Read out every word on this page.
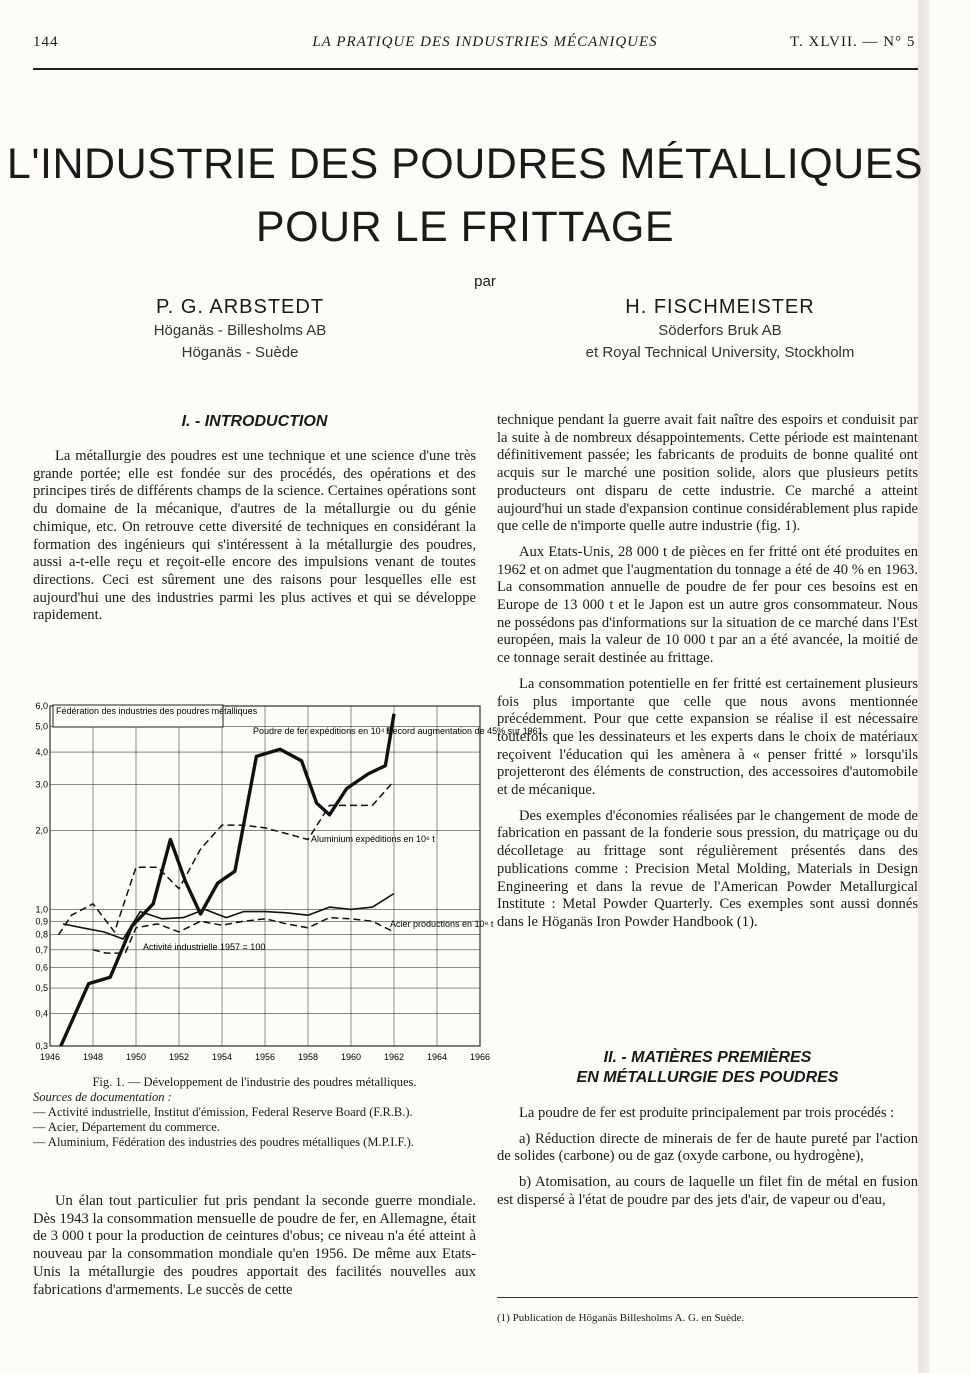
144	LA PRATIQUE DES INDUSTRIES MÉCANIQUES	T. XLVII. — N° 5
L'INDUSTRIE DES POUDRES MÉTALLIQUES
POUR LE FRITTAGE
par
P. G. ARBSTEDT
Höganäs - Billesholms AB
Höganäs - Suède
H. FISCHMEISTER
Söderfors Bruk AB
et Royal Technical University, Stockholm
I. - INTRODUCTION

La métallurgie des poudres est une technique et une science d'une très grande portée; elle est fondée sur des procédés, des opérations et des principes tirés de différents champs de la science. Certaines opérations sont du domaine de la mécanique, d'autres de la métallurgie ou du génie chimique, etc. On retrouve cette diversité de techniques en considérant la formation des ingénieurs qui s'intéressent à la métallurgie des poudres, aussi a-t-elle reçu et reçoit-elle encore des impulsions venant de toutes directions. Ceci est sûrement une des raisons pour lesquelles elle est aujourd'hui une des industries parmi les plus actives et qui se développe rapidement.

0,3
0,4
0,5
0,6
0,7
0,8
0,9
1,0
2,0
3,0
4,0
5,0
6,0
1946	1948	1950	1952	1954	1956	1958	1960	1962	1964	1966
Fédération des industries des poudres métalliques
Poudre de fer expéditions en 10⁴ t
Record augmentation de 45% sur 1961
Aluminium expéditions en 10⁶ t
Acier productions en 10⁸ t
Activité industrielle 1957 = 100

Fig. 1. — Développement de l'industrie des poudres métalliques.

Sources de documentation :

— Activité industrielle, Institut d'émission, Federal Reserve Board (F.R.B.).

— Acier, Département du commerce.

— Aluminium, Fédération des industries des poudres métalliques (M.P.I.F.).

Un élan tout particulier fut pris pendant la seconde guerre mondiale. Dès 1943 la consommation mensuelle de poudre de fer, en Allemagne, était de 3 000 t pour la production de ceintures d'obus; ce niveau n'a été atteint à nouveau par la consommation mondiale qu'en 1956. De même aux Etats-Unis la métallurgie des poudres apportait des facilités nouvelles aux fabrications d'armements. Le succès de cette

technique pendant la guerre avait fait naître des espoirs et conduisit par la suite à de nombreux désappointements. Cette période est maintenant définitivement passée; les fabricants de produits de bonne qualité ont acquis sur le marché une position solide, alors que plusieurs petits producteurs ont disparu de cette industrie. Ce marché a atteint aujourd'hui un stade d'expansion continue considérablement plus rapide que celle de n'importe quelle autre industrie (fig. 1).

Aux Etats-Unis, 28 000 t de pièces en fer fritté ont été produites en 1962 et on admet que l'augmentation du tonnage a été de 40 % en 1963. La consommation annuelle de poudre de fer pour ces besoins est en Europe de 13 000 t et le Japon est un autre gros consommateur. Nous ne possédons pas d'informations sur la situation de ce marché dans l'Est européen, mais la valeur de 10 000 t par an a été avancée, la moitié de ce tonnage serait destinée au frittage.

La consommation potentielle en fer fritté est certainement plusieurs fois plus importante que celle que nous avons mentionnée précédemment. Pour que cette expansion se réalise il est nécessaire toutefois que les dessinateurs et les experts dans le choix de matériaux reçoivent l'éducation qui les amènera à « penser fritté » lorsqu'ils projetteront des éléments de construction, des accessoires d'automobile et de mécanique.

Des exemples d'économies réalisées par le changement de mode de fabrication en passant de la fonderie sous pression, du matriçage ou du décolletage au frittage sont régulièrement présentés dans des publications comme : Precision Metal Molding, Materials in Design Engineering et dans la revue de l'American Powder Metallurgical Institute : Metal Powder Quarterly. Ces exemples sont aussi donnés dans le Höganäs Iron Powder Handbook (1).

II. - MATIÈRES PREMIÈRES
EN MÉTALLURGIE DES POUDRES

La poudre de fer est produite principalement par trois procédés :

a) Réduction directe de minerais de fer de haute pureté par l'action de solides (carbone) ou de gaz (oxyde carbone, ou hydrogène),

b) Atomisation, au cours de laquelle un filet fin de métal en fusion est dispersé à l'état de poudre par des jets d'air, de vapeur ou d'eau,

(1) Publication de Höganäs Billesholms A. G. en Suède.
